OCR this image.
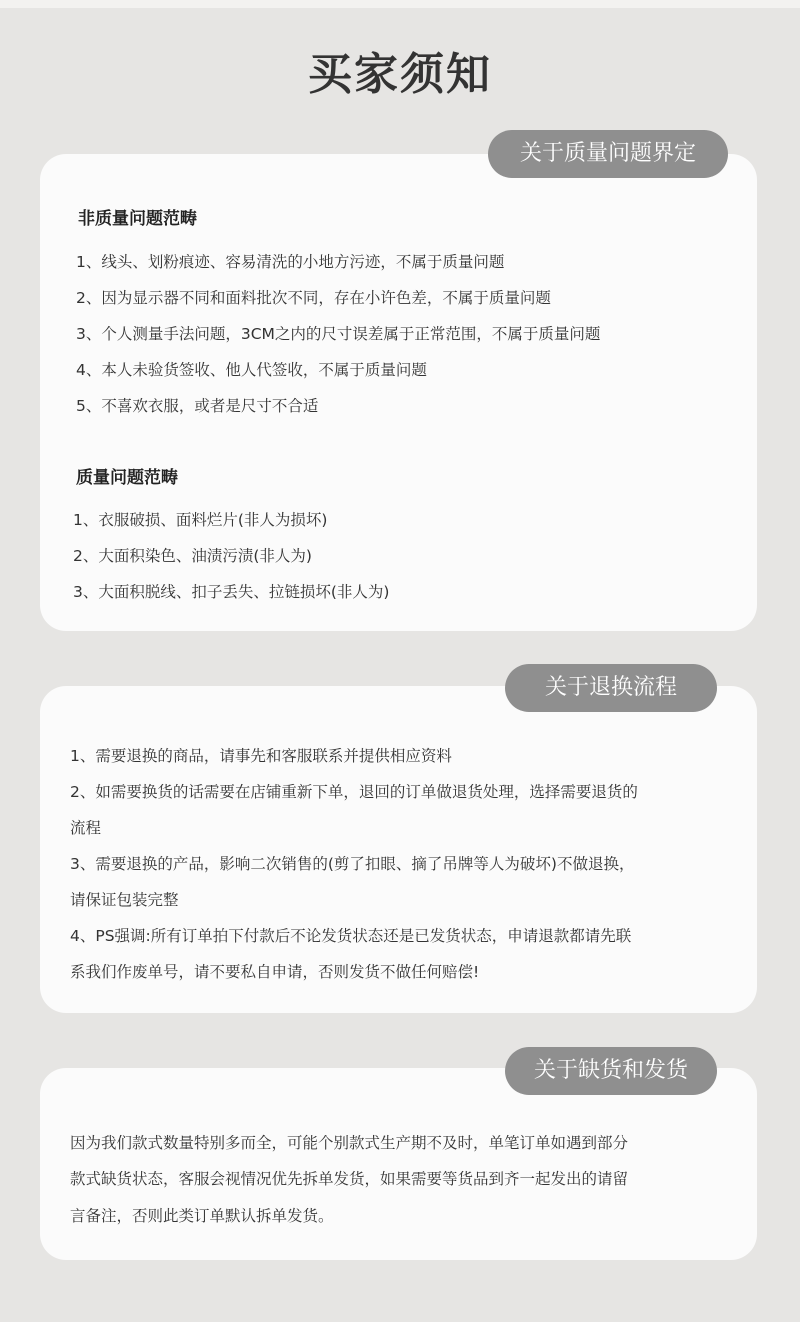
买家须知
关于质量问题界定
非质量问题范畴
1、线头、划粉痕迹、容易清洗的小地方污迹，不属于质量问题
2、因为显示器不同和面料批次不同，存在小许色差，不属于质量问题
3、个人测量手法问题，3CM之内的尺寸误差属于正常范围，不属于质量问题
4、本人未验货签收、他人代签收，不属于质量问题
5、不喜欢衣服，或者是尺寸不合适
质量问题范畴
1、衣服破损、面料烂片(非人为损坏)
2、大面积染色、油渍污渍(非人为)
3、大面积脱线、扣子丢失、拉链损坏(非人为)
关于退换流程
1、需要退换的商品，请事先和客服联系并提供相应资料
2、如需要换货的话需要在店铺重新下单，退回的订单做退货处理，选择需要退货的
流程
3、需要退换的产品，影响二次销售的(剪了扣眼、摘了吊牌等人为破坏)不做退换，
请保证包装完整
4、PS强调:所有订单拍下付款后不论发货状态还是已发货状态，申请退款都请先联
系我们作废单号，请不要私自申请，否则发货不做任何赔偿!
关于缺货和发货
因为我们款式数量特别多而全，可能个别款式生产期不及时，单笔订单如遇到部分
款式缺货状态，客服会视情况优先拆单发货，如果需要等货品到齐一起发出的请留
言备注，否则此类订单默认拆单发货。
